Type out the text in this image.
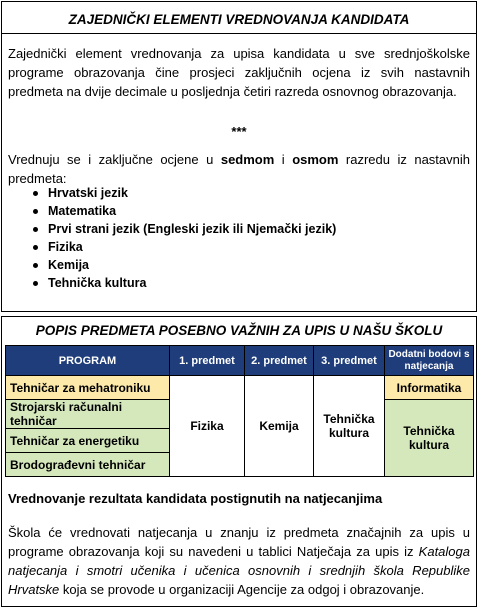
ZAJEDNIČKI ELEMENTI VREDNOVANJA KANDIDATA

Zajednički element vrednovanja za upisa kandidata u sve srednjoškolske programe obrazovanja čine prosjeci zaključnih ocjena iz svih nastavnih predmeta na dvije decimale u posljednja četiri razreda osnovnog obrazovanja.

***

Vrednuju se i zaključne ocjene u sedmom i osmom razredu iz nastavnih predmeta:

Hrvatski jezik
Matematika
Prvi strani jezik (Engleski jezik ili Njemački jezik)
Fizika
Kemija
Tehnička kultura
POPIS PREDMETA POSEBNO VAŽNIH ZA UPIS U NAŠU ŠKOLU
PROGRAM	1. predmet	2. predmet	3. predmet	Dodatni bodovi s natjecanja
Tehničar za mehatroniku	Fizika	Kemija	Tehnička kultura	Informatika
Strojarski računalni tehničar				Tehnička kultura
Tehničar za energetiku				
Brodograđevni tehničar				
Vrednovanje rezultata kandidata postignutih na natjecanjima

Škola će vrednovati natjecanja u znanju iz predmeta značajnih za upis u programe obrazovanja koji su navedeni u tablici Natječaja za upis iz Kataloga natjecanja i smotri učenika i učenica osnovnih i srednjih škola Republike Hrvatske koja se provode u organizaciji Agencije za odgoj i obrazovanje.
